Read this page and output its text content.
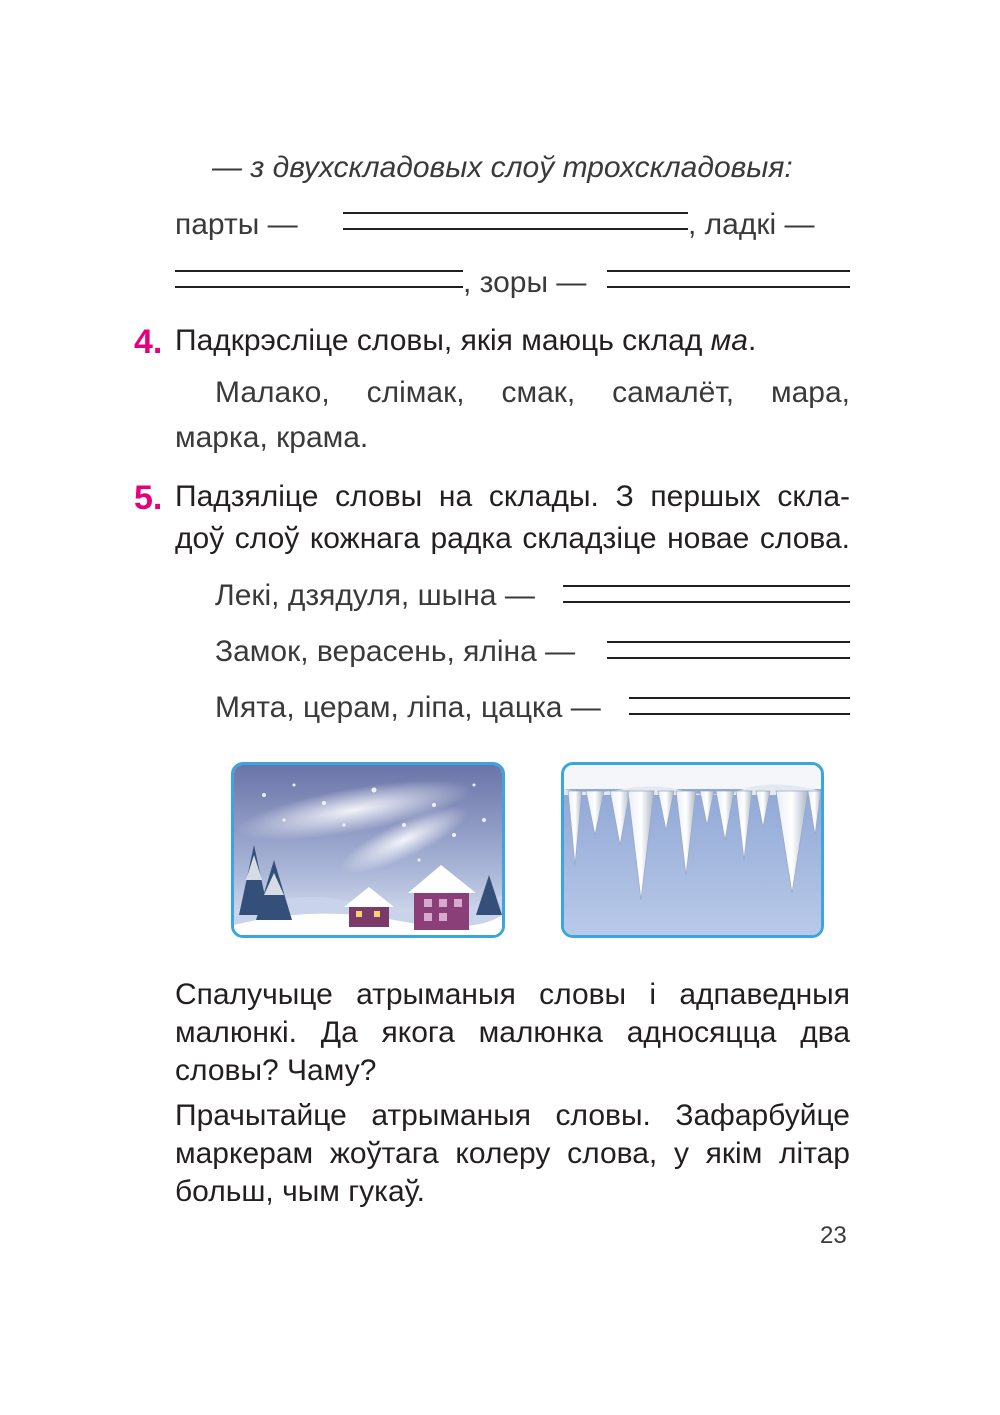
— з двухскладовых слоў трохскладовыя:
парты —	, ладкі —
, зоры —
4. Падкрэсліце словы, якія маюць склад ма.
Малако, слімак, смак, самалёт, мара,
марка, крама.
5. Падзяліце словы на склады. З першых скла-
доў слоў кожнага радка складзіце новае слова.
Лекі, дзядуля, шына —
Замок, верасень, яліна —
Мята, церам, ліпа, цацка —
Спалучыце атрыманыя словы і адпаведныя
малюнкі. Да якога малюнка адносяцца два
словы? Чаму?
Прачытайце атрыманыя словы. Зафарбуйце
маркерам жоўтага колеру слова, у якім літар
больш, чым гукаў.
23
